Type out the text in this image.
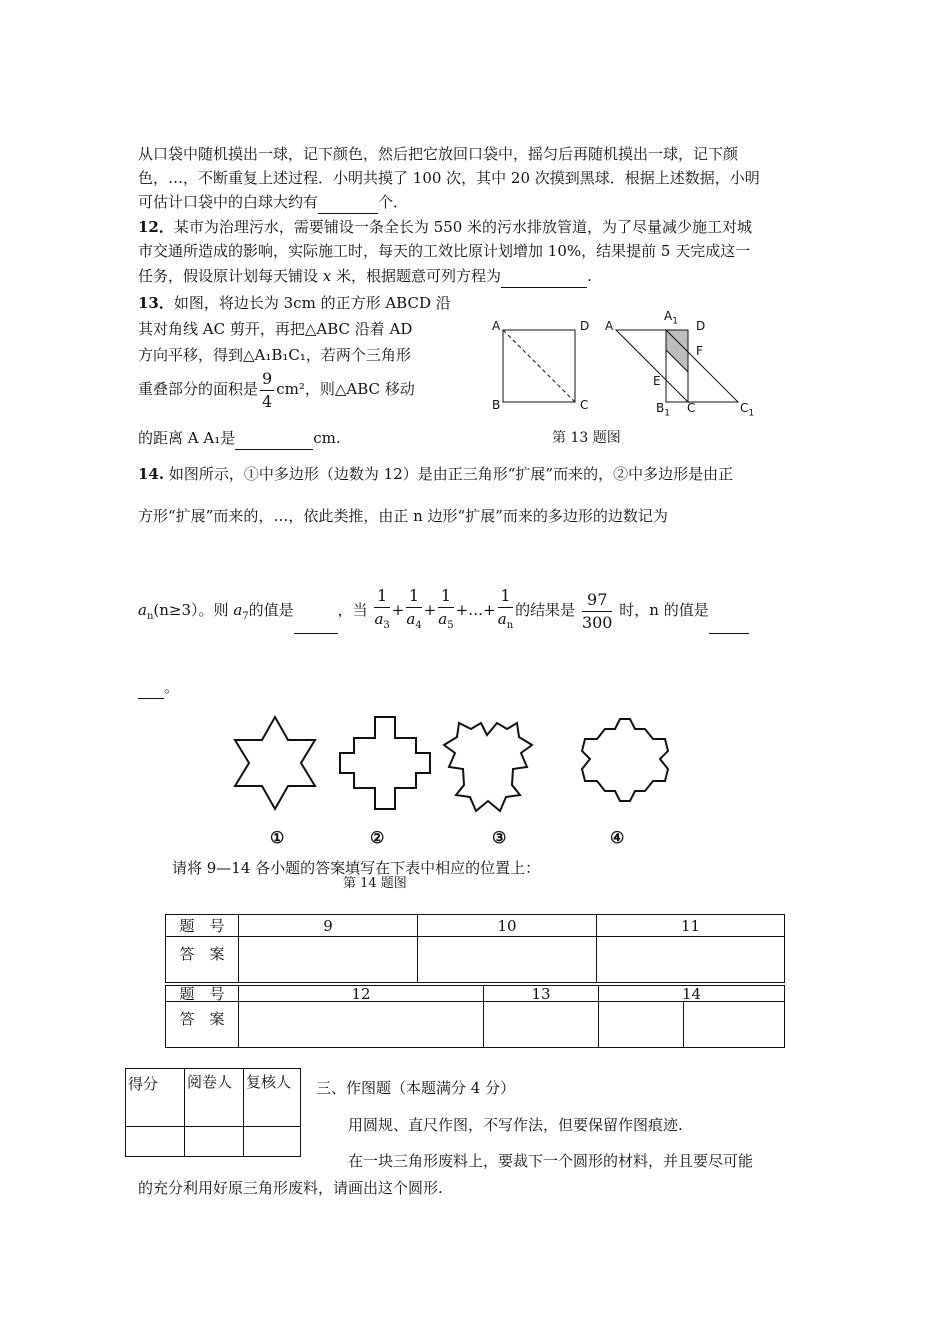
从口袋中随机摸出一球，记下颜色，然后把它放回口袋中，摇匀后再随机摸出一球，记下颜
色，…，不断重复上述过程．小明共摸了 100 次，其中 20 次摸到黑球．根据上述数据，小明
可估计口袋中的白球大约有	个．
12．某市为治理污水，需要铺设一条全长为 550 米的污水排放管道，为了尽量减少施工对城
市交通所造成的影响，实际施工时，每天的工效比原计划增加 10%，结果提前 5 天完成这一
任务，假设原计划每天铺设 x 米，根据题意可列方程为	.
13．如图，将边长为 3cm 的正方形 ABCD 沿
其对角线 AC 剪开，再把△ABC 沿着 AD
方向平移，得到△A₁B₁C₁，若两个三角形
重叠部分的面积是 $\frac{9}{4} cm^2$，则△ABC 移动
的距离 A A₁是	cm.
A	D
B	C
A
$A_1$ D
F
E
$B_1$ C	$C_1$
第 13 题图
14. 如图所示，①中多边形（边数为 12）是由正三角形“扩展”而来的，②中多边形是由正
方形“扩展”而来的，…，依此类推，由正 n 边形“扩展”而来的多边形的边数记为
$a_n(n\ge 3)$。则 $a_7$的值是	，当 $\frac{1}{a_3} + \frac{1}{a_4} + \frac{1}{a_5}$ +…+ $\frac{1}{a_n}$ 的结果是 $\frac{97}{300}$ 时，n 的值是
。
①	②	③	④
请将 9—14 各小题的答案填写在下表中相应的位置上：
第 14 题图
题　号	9	10	11
答　案			
题　号	12	13	14	
答　案				
得分	阅卷人	复核人
		三、作图题（本题满分 4 分）
用圆规、直尺作图，不写作法，但要保留作图痕迹.
在一块三角形废料上，要裁下一个圆形的材料，并且要尽可能
的充分利用好原三角形废料，请画出这个圆形.
